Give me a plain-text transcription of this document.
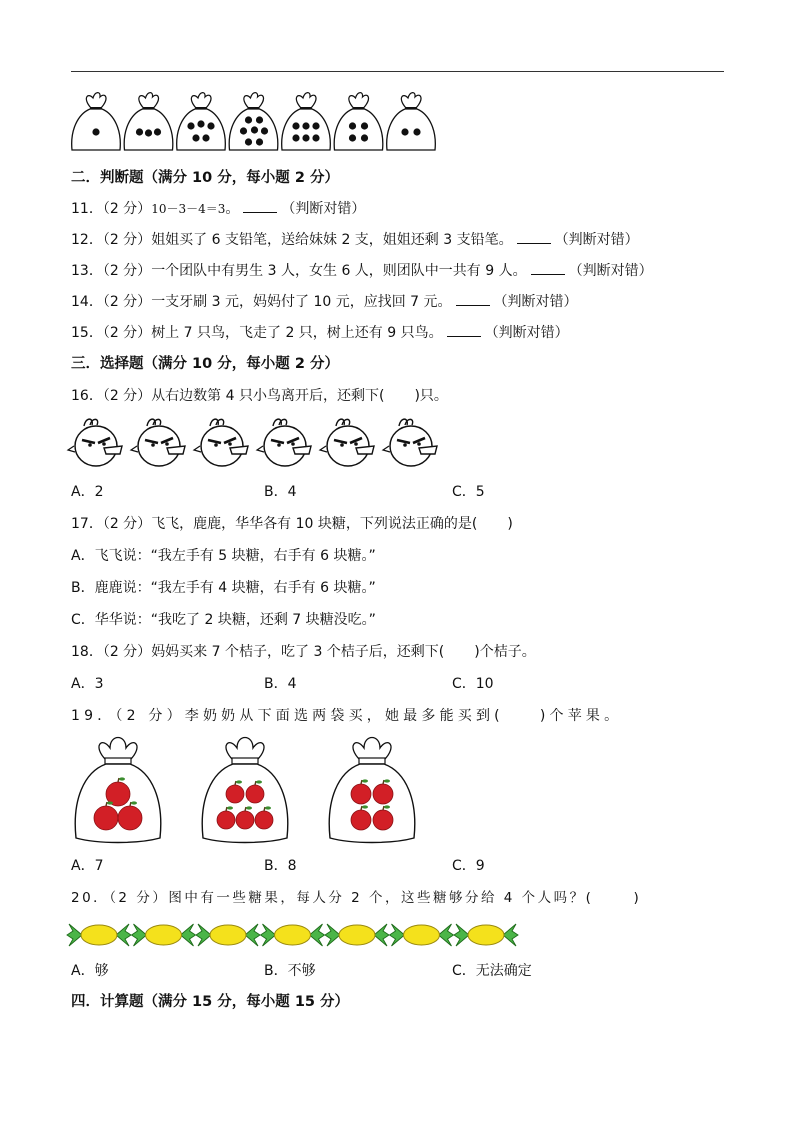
二．判断题（满分 10 分，每小题 2 分）
11．（2 分）10－3－4＝3。	（判断对错）
12．（2 分）姐姐买了 6 支铅笔，送给妹妹 2 支，姐姐还剩 3 支铅笔。	（判断对错）
13．（2 分）一个团队中有男生 3 人，女生 6 人，则团队中一共有 9 人。	（判断对错）
14．（2 分）一支牙刷 3 元，妈妈付了 10 元，应找回 7 元。	（判断对错）
15．（2 分）树上 7 只鸟，飞走了 2 只，树上还有 9 只鸟。	（判断对错）
三．选择题（满分 10 分，每小题 2 分）
16．（2 分）从右边数第 4 只小鸟离开后，还剩下( )只。
A．2	B．4	C．5
17．（2 分）飞飞，鹿鹿，华华各有 10 块糖，下列说法正确的是( )
A．飞飞说：“我左手有 5 块糖，右手有 6 块糖。”
B．鹿鹿说：“我左手有 4 块糖，右手有 6 块糖。”
C．华华说：“我吃了 2 块糖，还剩 7 块糖没吃。”
18．（2 分）妈妈买来 7 个桔子，吃了 3 个桔子后，还剩下( )个桔子。
A．3	B．4	C．10
19．（2 分）李奶奶从下面选两袋买，她最多能买到(	)个苹果。
A．7	B．8	C．9
20．（2 分）图中有一些糖果，每人分 2 个，这些糖够分给 4 个人吗？(	)
A．够	B．不够	C．无法确定
四．计算题（满分 15 分，每小题 15 分）
